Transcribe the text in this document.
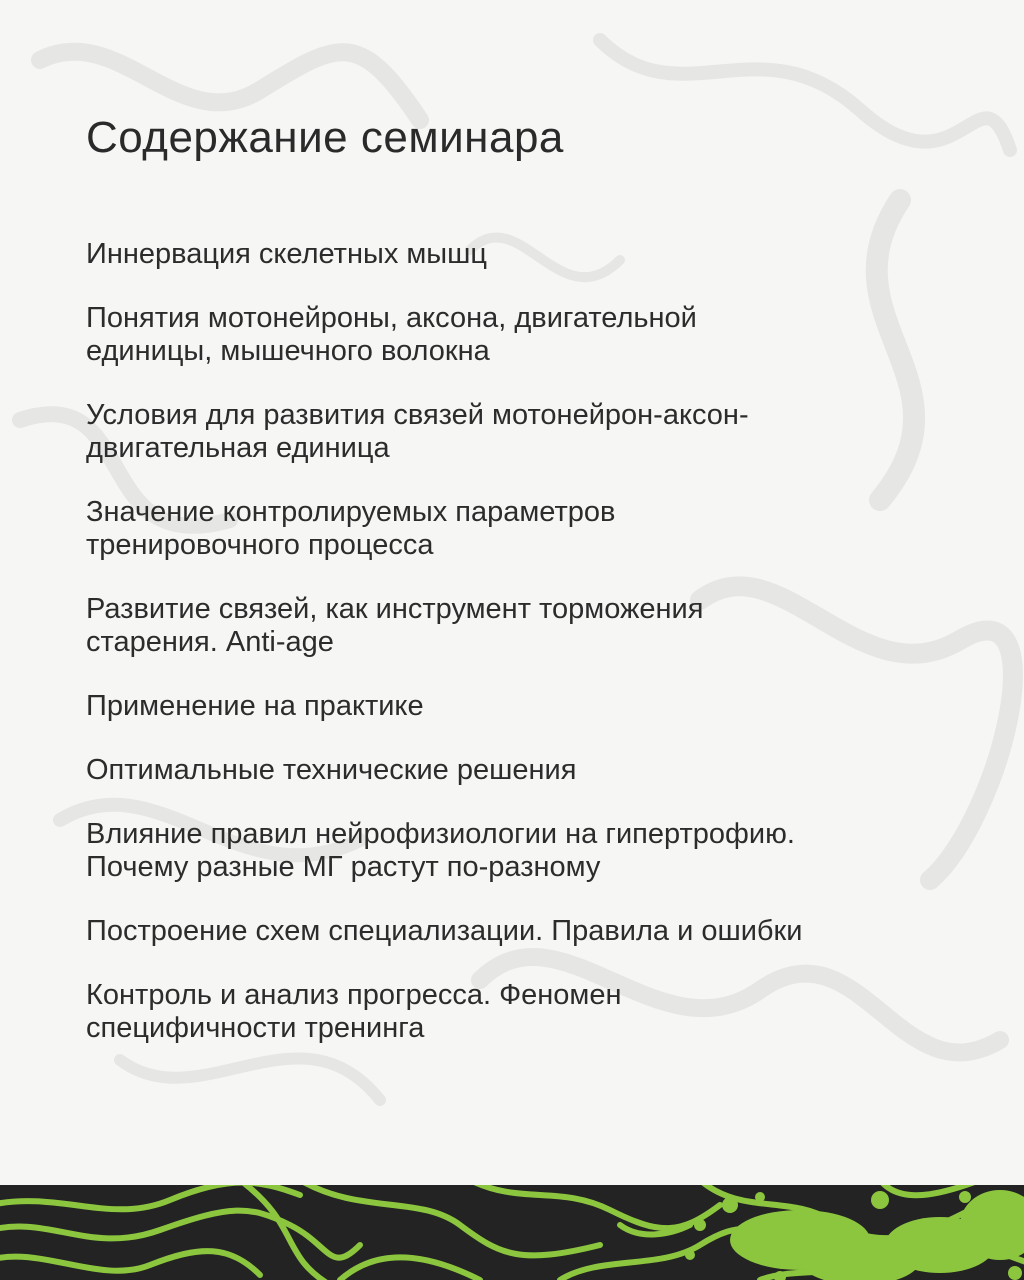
Содержание семинара
Иннервация скелетных мышц
Понятия мотонейроны, аксона, двигательной
единицы, мышечного волокна
Условия для развития связей мотонейрон-аксон-
двигательная единица
Значение контролируемых параметров
тренировочного процесса
Развитие связей, как инструмент торможения
старения. Anti-age
Применение на практике
Оптимальные технические решения
Влияние правил нейрофизиологии на гипертрофию.
Почему разные МГ растут по-разному
Построение схем специализации. Правила и ошибки
Контроль и анализ прогресса. Феномен
специфичности тренинга
